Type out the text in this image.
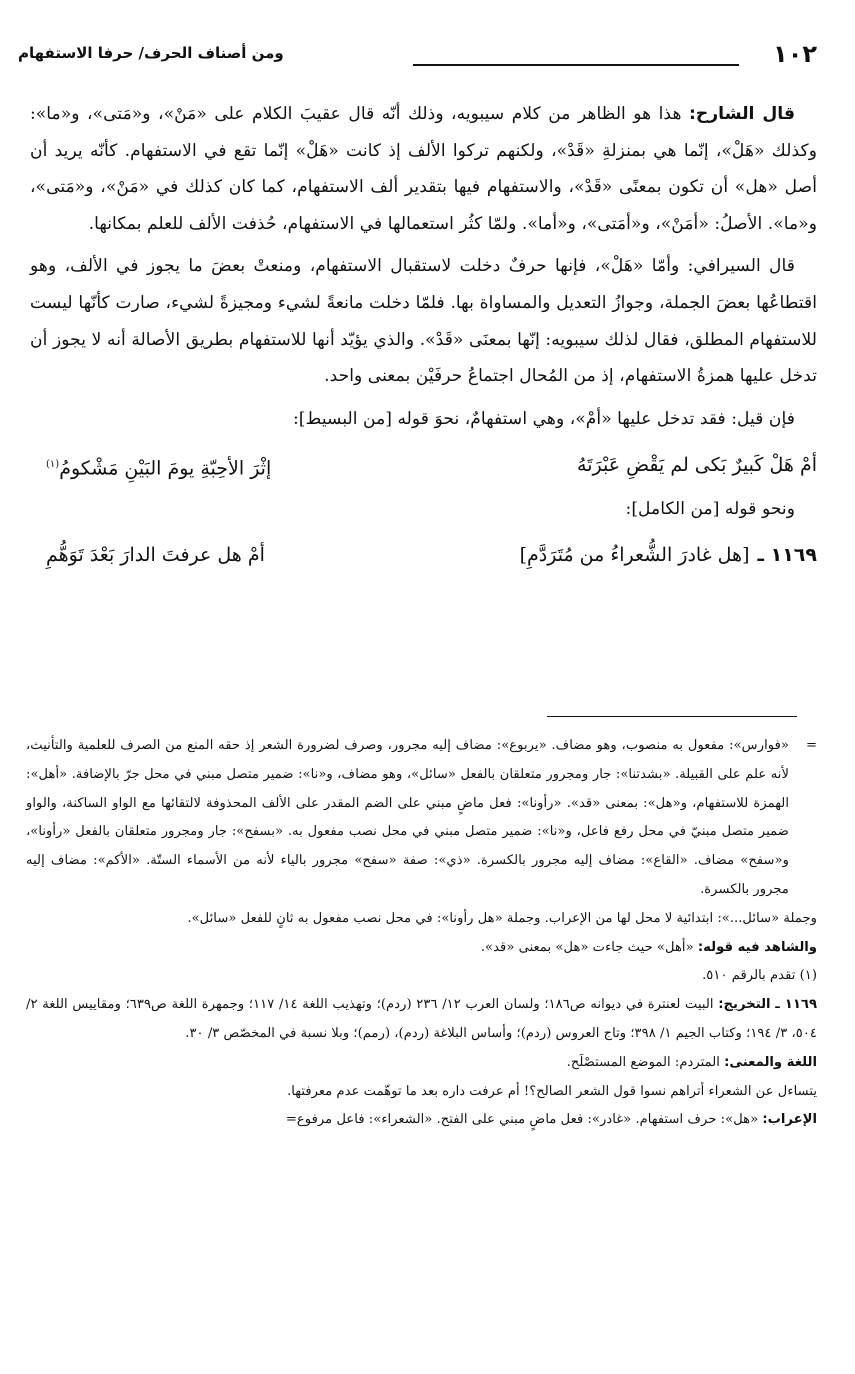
١٠٢
ومن أصناف الحرف/ حرفا الاستفهام

قال الشارح: هذا هو الظاهر من كلام سيبويه، وذلك أنّه قال عقيبَ الكلام على «مَنْ»، و«مَتى»، و«ما»: وكذلك «هَلْ»، إنّما هي بمنزلةِ «قَدْ»، ولكنهم تركوا الألف إذ كانت «هَلْ» إنّما تقع في الاستفهام. كأنّه يريد أن أصل «هل» أن تكون بمعنًى «قَدْ»، والاستفهام فيها بتقدير ألف الاستفهام، كما كان كذلك في «مَنْ»، و«مَتى»، و«ما». الأصلُ: «أمَنْ»، و«أمَتى»، و«أما». ولمّا كثُر استعمالها في الاستفهام، حُذفت الألف للعلم بمكانها.

قال السيرافي: وأمّا «هَلْ»، فإنها حرفٌ دخلت لاستقبال الاستفهام، ومنعتْ بعضَ ما يجوز في الألف، وهو اقتطاعُها بعضَ الجملة، وجوازُ التعديل والمساواة بها. فلمّا دخلت مانعةً لشيء ومجيزةً لشيء، صارت كأنّها ليست للاستفهام المطلق، فقال لذلك سيبويه: إنّها بمعنَى «قَدْ». والذي يؤيّد أنها للاستفهام بطريق الأصالة أنه لا يجوز أن تدخل عليها همزةُ الاستفهام، إذ من المُحال اجتماعُ حرفَيْن بمعنى واحد.

فإن قيل: فقد تدخل عليها «أمْ»، وهي استفهامٌ، نحوَ قوله [من البسيط]:

أمْ هَلْ كَبيرٌ بَكى لم يَقْضِ عَبْرَتَهُ
إثْرَ الأحِبّةِ يومَ البَيْنِ مَشْكومُ$^{(١)}$

ونحو قوله [من الكامل]:

١١٦٩ ـ[هل غادرَ الشُّعراءُ من مُتَرَدَّمِ]
أمْ هل عرفتَ الدارَ بَعْدَ تَوَهُّمِ

=
«فوارس»: مفعول به منصوب، وهو مضاف. «يربوع»: مضاف إليه مجرور، وصرف لضرورة الشعر إذ حقه المنع من الصرف للعلمية والتأنيث، لأنه علم على القبيلة. «بشدتنا»: جار ومجرور متعلقان بالفعل «سائل»، وهو مضاف، و«نا»: ضمير متصل مبني في محل جرّ بالإضافة. «أهل»: الهمزة للاستفهام، و«هل»: بمعنى «قد». «رأونا»: فعل ماضٍ مبني على الضم المقدر على الألف المحذوفة لالتقائها مع الواو الساكنة، والواو ضمير متصل مبنيّ في محل رفع فاعل، و«نا»: ضمير متصل مبني في محل نصب مفعول به. «بسفح»: جار ومجرور متعلقان بالفعل «رأونا»، و«سفح» مضاف. «القاع»: مضاف إليه مجرور بالكسرة. «ذي»: صفة «سفح» مجرور بالياء لأنه من الأسماء الستّة. «الأكم»: مضاف إليه مجرور بالكسرة.

وجملة «سائل...»: ابتدائية لا محل لها من الإعراب. وجملة «هل رأونا»: في محل نصب مفعول به ثانٍ للفعل «سائل».

والشاهد فيه قوله: «أهل» حيث جاءت «هل» بمعنى «قد».

(١) تقدم بالرقم ٥١٠.

١١٦٩ ـ التخريج: البيت لعنترة في ديوانه ص١٨٦؛ ولسان العرب ١٢/ ٢٣٦ (ردم)؛ وتهذيب اللغة ١٤/ ١١٧؛ وجمهرة اللغة ص٦٣٩؛ ومقاييس اللغة ٢/ ٥٠٤، ٣/ ١٩٤؛ وكتاب الجيم ١/ ٣٩٨؛ وتاج العروس (ردم)؛ وأساس البلاغة (ردم)، (رمم)؛ وبلا نسبة في المخصّص ٣/ ٣٠.

اللغة والمعنى: المتردم: الموضع المستصْلَح.

يتساءل عن الشعراء أتراهم نسوا قول الشعر الصالح؟! أم عرفت داره بعد ما توهّمت عدم معرفتها.

الإعراب: «هل»: حرف استفهام. «غادر»: فعل ماضٍ مبني على الفتح. «الشعراء»: فاعل مرفوع=
